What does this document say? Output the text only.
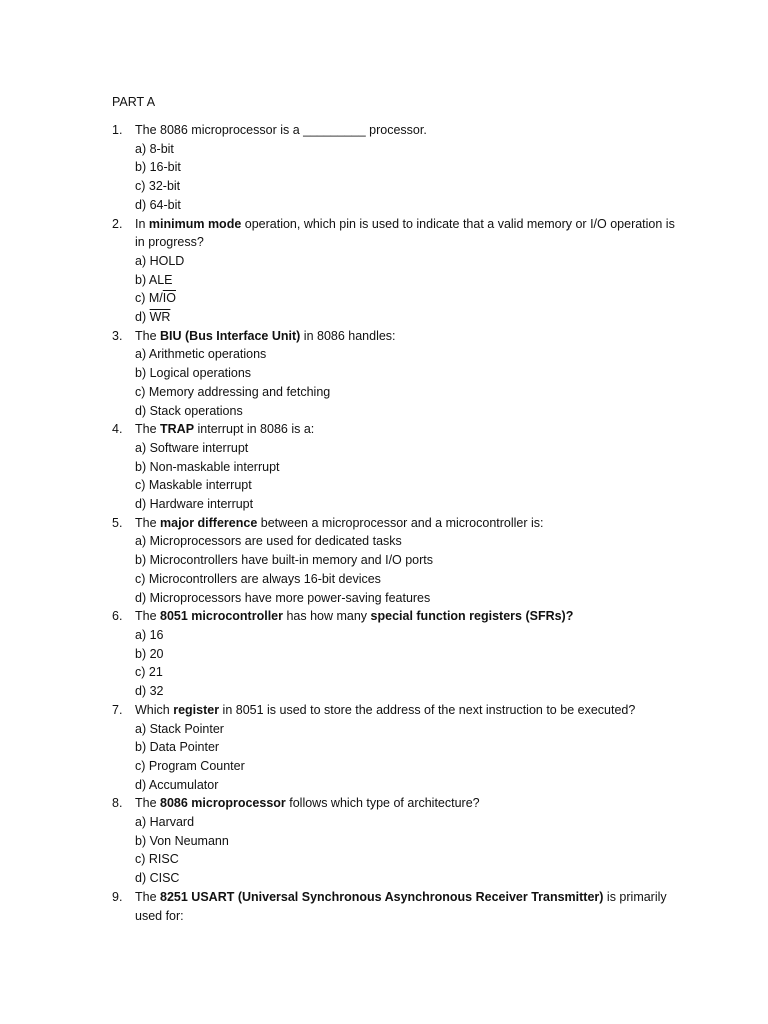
PART A
1.	The 8086 microprocessor is a _________ processor.
a) 8-bit
b) 16-bit
c) 32-bit
d) 64-bit
2.	In minimum mode operation, which pin is used to indicate that a valid memory or I/O operation is in progress?
a) HOLD
b) ALE
c) $M/\overline{IO}$
d) $\overline{WR}$
3.	The BIU (Bus Interface Unit) in 8086 handles:
a) Arithmetic operations
b) Logical operations
c) Memory addressing and fetching
d) Stack operations
4.	The TRAP interrupt in 8086 is a:
a) Software interrupt
b) Non-maskable interrupt
c) Maskable interrupt
d) Hardware interrupt
5.	The major difference between a microprocessor and a microcontroller is:
a) Microprocessors are used for dedicated tasks
b) Microcontrollers have built-in memory and I/O ports
c) Microcontrollers are always 16-bit devices
d) Microprocessors have more power-saving features
6.	The 8051 microcontroller has how many special function registers (SFRs)?
a) 16
b) 20
c) 21
d) 32
7.	Which register in 8051 is used to store the address of the next instruction to be executed?
a) Stack Pointer
b) Data Pointer
c) Program Counter
d) Accumulator
8.	The 8086 microprocessor follows which type of architecture?
a) Harvard
b) Von Neumann
c) RISC
d) CISC
9.	The 8251 USART (Universal Synchronous Asynchronous Receiver Transmitter) is primarily used for:
